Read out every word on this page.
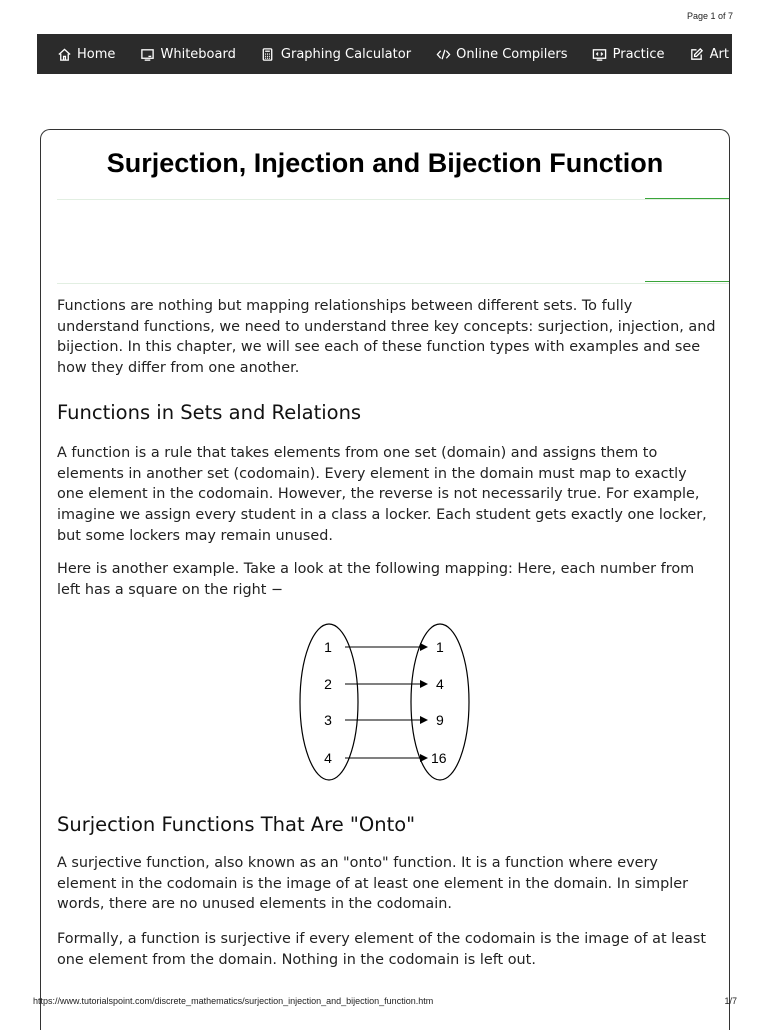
Page 1 of 7
Home
	Whiteboard
	Graphing Calculator
	Online Compilers
	Practice
	Art
Surjection, Injection and Bijection Function

Functions are nothing but mapping relationships between different sets. To fully understand functions, we need to understand three key concepts: surjection, injection, and bijection. In this chapter, we will see each of these function types with examples and see how they differ from one another.

Functions in Sets and Relations

A function is a rule that takes elements from one set (domain) and assigns them to elements in another set (codomain). Every element in the domain must map to exactly one element in the codomain. However, the reverse is not necessarily true. For example, imagine we assign every student in a class a locker. Each student gets exactly one locker, but some lockers may remain unused.

Here is another example. Take a look at the following mapping: Here, each number from left has a square on the right −

1
2
3
4
1
4
9
16
Surjection Functions That Are "Onto"

A surjective function, also known as an "onto" function. It is a function where every element in the codomain is the image of at least one element in the domain. In simpler words, there are no unused elements in the codomain.

Formally, a function is surjective if every element of the codomain is the image of at least one element from the domain. Nothing in the codomain is left out.

https://www.tutorialspoint.com/discrete_mathematics/surjection_injection_and_bijection_function.htm	1/7
